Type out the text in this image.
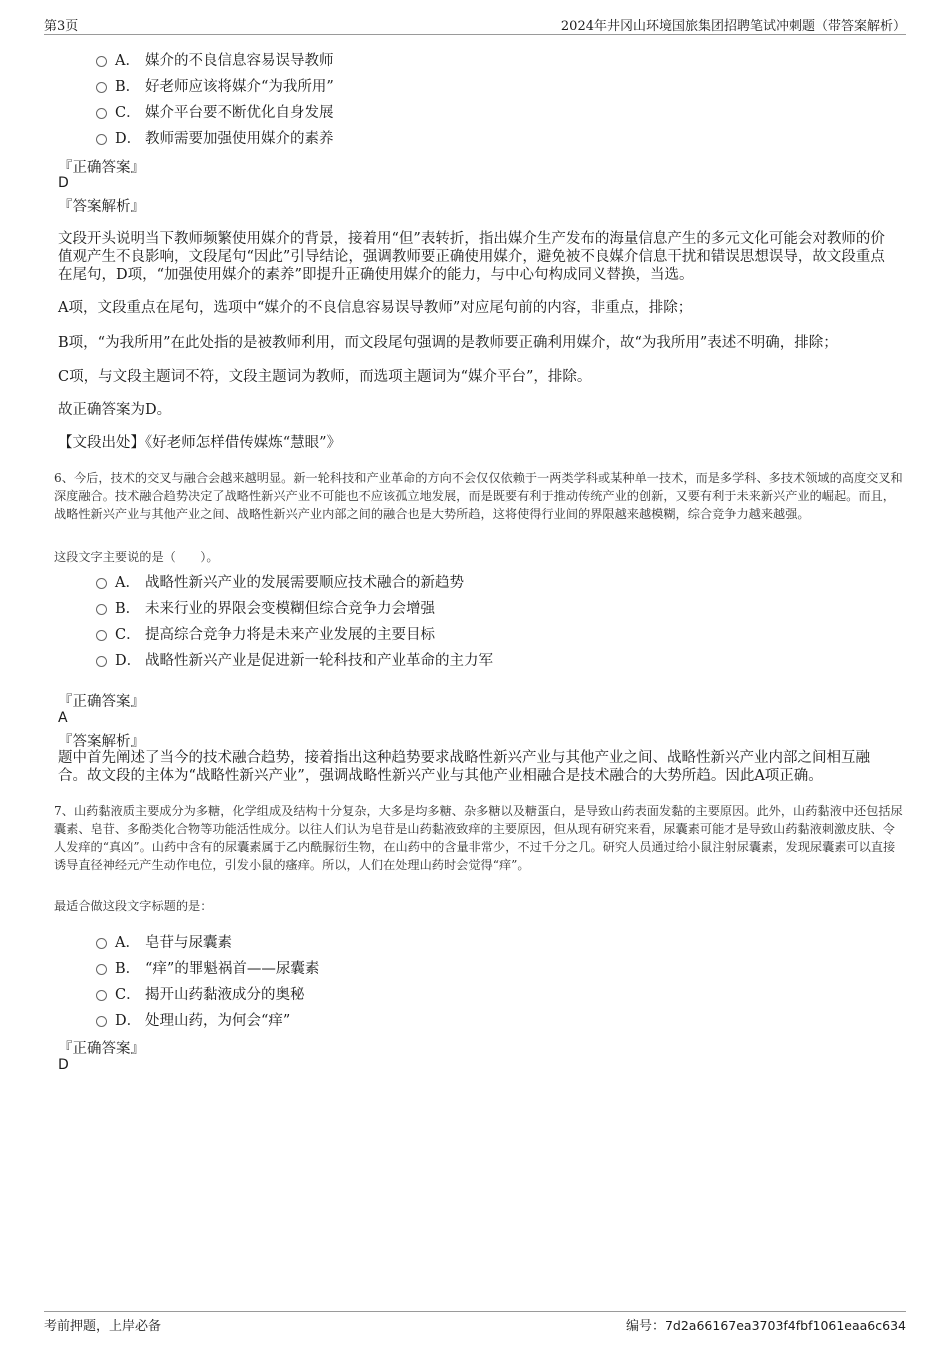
第3页	2024年井冈山环境国旅集团招聘笔试冲刺题（带答案解析）
A． 媒介的不良信息容易误导教师
B． 好老师应该将媒介“为我所用”
C． 媒介平台要不断优化自身发展
D． 教师需要加强使用媒介的素养
『正确答案』
D
『答案解析』
文段开头说明当下教师频繁使用媒介的背景，接着用“但”表转折，指出媒介生产发布的海量信息产生的多元文化可能会对教师的价值观产生不良影响，文段尾句“因此”引导结论，强调教师要正确使用媒介，避免被不良媒介信息干扰和错误思想误导，故文段重点在尾句，D项，“加强使用媒介的素养”即提升正确使用媒介的能力，与中心句构成同义替换，当选。
A项，文段重点在尾句，选项中“媒介的不良信息容易误导教师”对应尾句前的内容，非重点，排除；
B项，“为我所用”在此处指的是被教师利用，而文段尾句强调的是教师要正确利用媒介，故“为我所用”表述不明确，排除；
C项，与文段主题词不符，文段主题词为教师，而选项主题词为“媒介平台”，排除。
故正确答案为D。
【文段出处】《好老师怎样借传媒炼“慧眼”》
6、今后，技术的交叉与融合会越来越明显。新一轮科技和产业革命的方向不会仅仅依赖于一两类学科或某种单一技术，而是多学科、多技术领域的高度交叉和深度融合。技术融合趋势决定了战略性新兴产业不可能也不应该孤立地发展，而是既要有利于推动传统产业的创新，又要有利于未来新兴产业的崛起。而且，战略性新兴产业与其他产业之间、战略性新兴产业内部之间的融合也是大势所趋，这将使得行业间的界限越来越模糊，综合竞争力越来越强。
这段文字主要说的是（　　）。
A． 战略性新兴产业的发展需要顺应技术融合的新趋势
B． 未来行业的界限会变模糊但综合竞争力会增强
C． 提高综合竞争力将是未来产业发展的主要目标
D． 战略性新兴产业是促进新一轮科技和产业革命的主力军
『正确答案』
A
『答案解析』
题中首先阐述了当今的技术融合趋势，接着指出这种趋势要求战略性新兴产业与其他产业之间、战略性新兴产业内部之间相互融合。故文段的主体为“战略性新兴产业”，强调战略性新兴产业与其他产业相融合是技术融合的大势所趋。因此A项正确。
7、山药黏液质主要成分为多糖，化学组成及结构十分复杂，大多是均多糖、杂多糖以及糖蛋白，是导致山药表面发黏的主要原因。此外，山药黏液中还包括尿囊素、皂苷、多酚类化合物等功能活性成分。以往人们认为皂苷是山药黏液致痒的主要原因，但从现有研究来看，尿囊素可能才是导致山药黏液刺激皮肤、令人发痒的“真凶”。山药中含有的尿囊素属于乙内酰脲衍生物，在山药中的含量非常少，不过千分之几。研究人员通过给小鼠注射尿囊素，发现尿囊素可以直接诱导直径神经元产生动作电位，引发小鼠的瘙痒。所以，人们在处理山药时会觉得“痒”。
最适合做这段文字标题的是：
A． 皂苷与尿囊素
B． “痒”的罪魁祸首——尿囊素
C． 揭开山药黏液成分的奥秘
D． 处理山药，为何会“痒”
『正确答案』
D
考前押题，上岸必备	编号：7d2a66167ea3703f4fbf1061eaa6c634
